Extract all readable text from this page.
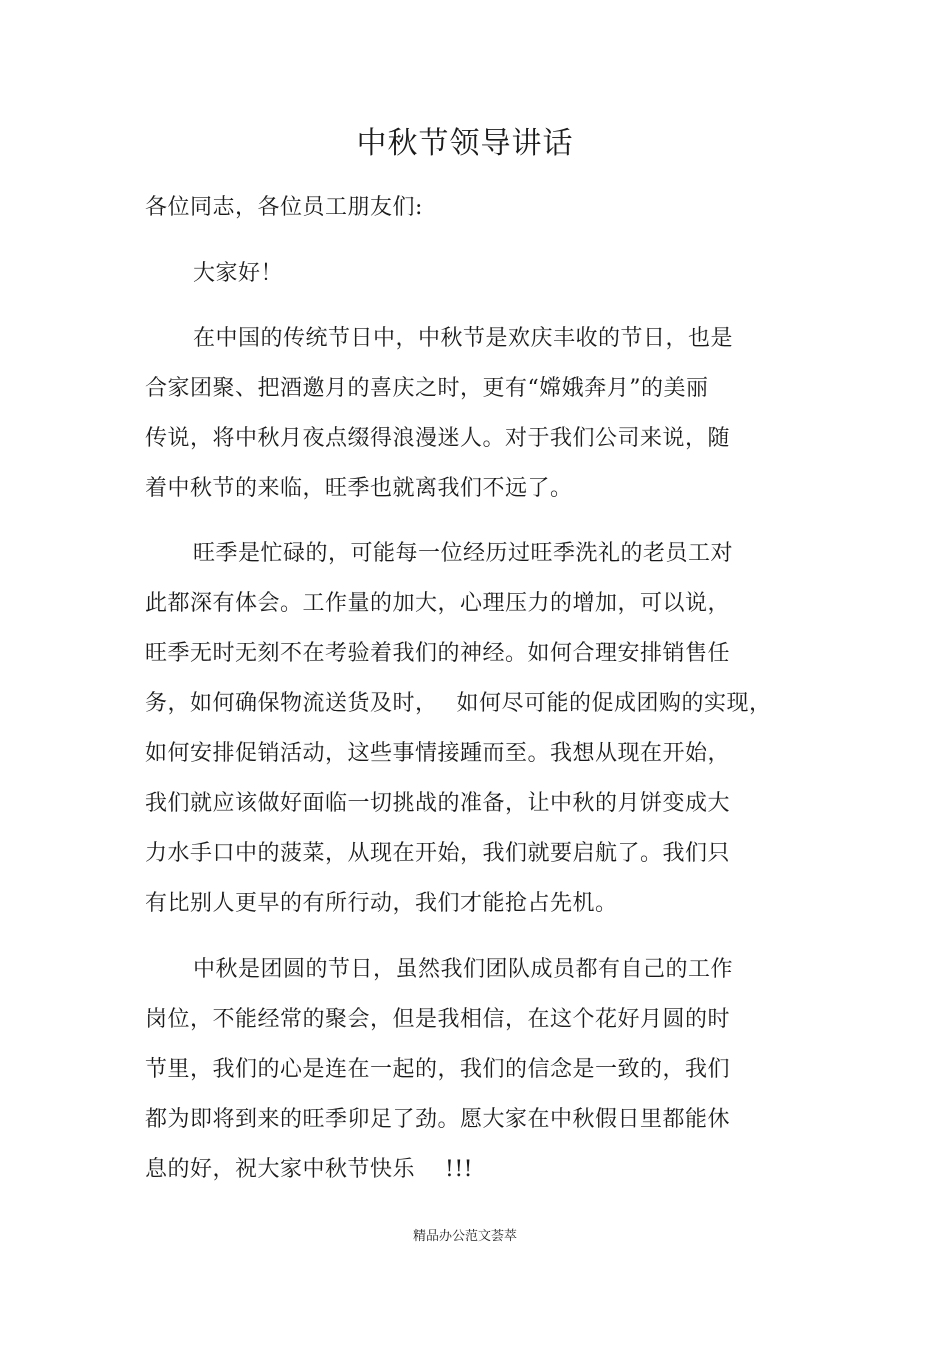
中秋节领导讲话
各位同志，各位员工朋友们:
大家好！
在中国的传统节日中，中秋节是欢庆丰收的节日，也是
合家团聚、把酒邀月的喜庆之时，更有“嫦娥奔月”的美丽
传说，将中秋月夜点缀得浪漫迷人。对于我们公司来说，随
着中秋节的来临，旺季也就离我们不远了。
旺季是忙碌的，可能每一位经历过旺季洗礼的老员工对
此都深有体会。工作量的加大，心理压力的增加，可以说，
旺季无时无刻不在考验着我们的神经。如何合理安排销售任
务，如何确保物流送货及时，　 如何尽可能的促成团购的实现，
如何安排促销活动，这些事情接踵而至。我想从现在开始，
我们就应该做好面临一切挑战的准备，让中秋的月饼变成大
力水手口中的菠菜，从现在开始，我们就要启航了。我们只
有比别人更早的有所行动，我们才能抢占先机。
中秋是团圆的节日，虽然我们团队成员都有自己的工作
岗位，不能经常的聚会，但是我相信，在这个花好月圆的时
节里，我们的心是连在一起的，我们的信念是一致的，我们
都为即将到来的旺季卯足了劲。愿大家在中秋假日里都能休
息的好，祝大家中秋节快乐　 !!!
精品办公范文荟萃
